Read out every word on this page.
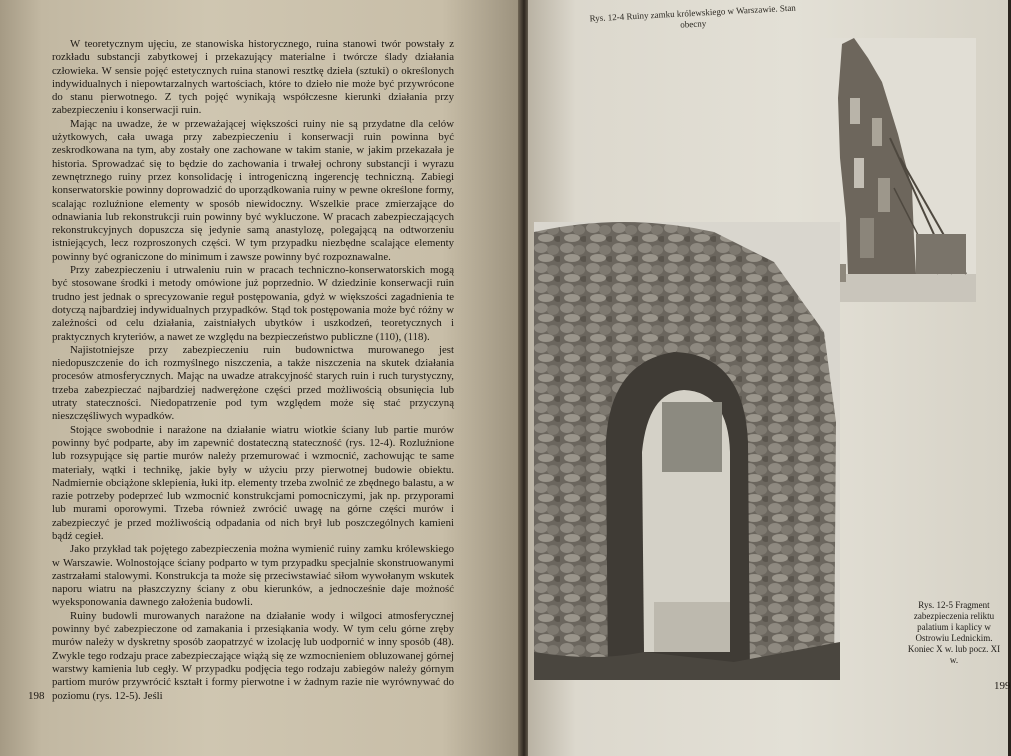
W teoretycznym ujęciu, ze stanowiska historycznego, ruina stanowi twór powstały z rozkładu substancji zabytkowej i przekazujący materialne i twórcze ślady działania człowieka. W sensie pojęć estetycznych ruina stanowi resztkę dzieła (sztuki) o określonych indywidualnych i niepowtarzalnych wartościach, które to dzieło nie może być przywrócone do stanu pierwotnego. Z tych pojęć wynikają współczesne kierunki działania przy zabezpieczeniu i konserwacji ruin.

Mając na uwadze, że w przeważającej większości ruiny nie są przydatne dla celów użytkowych, cała uwaga przy zabezpieczeniu i konserwacji ruin powinna być zeskrodkowana na tym, aby zostały one zachowane w takim stanie, w jakim przekazała je historia. Sprowadzać się to będzie do zachowania i trwałej ochrony substancji i wyrazu zewnętrznego ruiny przez konsolidację i introgeniczną ingerencję techniczną. Zabiegi konserwatorskie powinny doprowadzić do uporządkowania ruiny w pewne określone formy, scalając rozluźnione elementy w sposób niewidoczny. Wszelkie prace zmierzające do odnawiania lub rekonstrukcji ruin powinny być wykluczone. W pracach zabezpieczających rekonstrukcyjnych dopuszcza się jedynie samą anastylozę, polegającą na odtworzeniu istniejących, lecz rozproszonych części. W tym przypadku niezbędne scalające elementy powinny być ograniczone do minimum i zawsze powinny być rozpoznawalne.

Przy zabezpieczeniu i utrwaleniu ruin w pracach techniczno-konserwatorskich mogą być stosowane środki i metody omówione już poprzednio. W dziedzinie konserwacji ruin trudno jest jednak o sprecyzowanie reguł postępowania, gdyż w większości zagadnienia te dotyczą najbardziej indywidualnych przypadków. Stąd tok postępowania może być różny w zależności od celu działania, zaistniałych ubytków i uszkodzeń, teoretycznych i praktycznych kryteriów, a nawet ze względu na bezpieczeństwo publiczne (110), (118).

Najistotniejsze przy zabezpieczeniu ruin budownictwa murowanego jest niedopuszczenie do ich rozmyślnego niszczenia, a także niszczenia na skutek działania procesów atmosferycznych. Mając na uwadze atrakcyjność starych ruin i ruch turystyczny, trzeba zabezpieczać najbardziej nadwerężone części przed możliwością obsunięcia lub utraty stateczności. Niedopatrzenie pod tym względem może się stać przyczyną nieszczęśliwych wypadków.

Stojące swobodnie i narażone na działanie wiatru wiotkie ściany lub partie murów powinny być podparte, aby im zapewnić dostateczną stateczność (rys. 12-4). Rozluźnione lub rozsypujące się partie murów należy przemurować i wzmocnić, zachowując te same materiały, wątki i technikę, jakie były w użyciu przy pierwotnej budowie obiektu. Nadmiernie obciążone sklepienia, łuki itp. elementy trzeba zwolnić ze zbędnego balastu, a w razie potrzeby podeprzeć lub wzmocnić konstrukcjami pomocniczymi, jak np. przyporami lub murami oporowymi. Trzeba również zwrócić uwagę na górne części murów i zabezpieczyć je przed możliwością odpadania od nich brył lub poszczególnych kamieni bądź cegieł.

Jako przykład tak pojętego zabezpieczenia można wymienić ruiny zamku królewskiego w Warszawie. Wolnostojące ściany podparto w tym przypadku specjalnie skonstruowanymi zastrzałami stalowymi. Konstrukcja ta może się przeciwstawiać siłom wywołanym wskutek naporu wiatru na płaszczyzny ściany z obu kierunków, a jednocześnie daje możność wyeksponowania dawnego założenia budowli.

Ruiny budowli murowanych narażone na działanie wody i wilgoci atmosferycznej powinny być zabezpieczone od zamakania i przesiąkania wody. W tym celu górne zręby murów należy w dyskretny sposób zaopatrzyć w izolację lub uodpornić w inny sposób (48). Zwykle tego rodzaju prace zabezpieczające wiążą się ze wzmocnieniem obluzowanej górnej warstwy kamienia lub cegły. W przypadku podjęcia tego rodzaju zabiegów należy górnym partiom murów przywrócić kształt i formy pierwotne i w żadnym razie nie wyrównywać do poziomu (rys. 12-5). Jeśli

198
Rys. 12-4 Ruiny zamku królewskiego w Warszawie. Stan obecny
Rys. 12-5 Fragment zabezpieczenia reliktu palatium i kaplicy w Ostrowiu Lednickim. Koniec X w. lub pocz. XI w.
199
